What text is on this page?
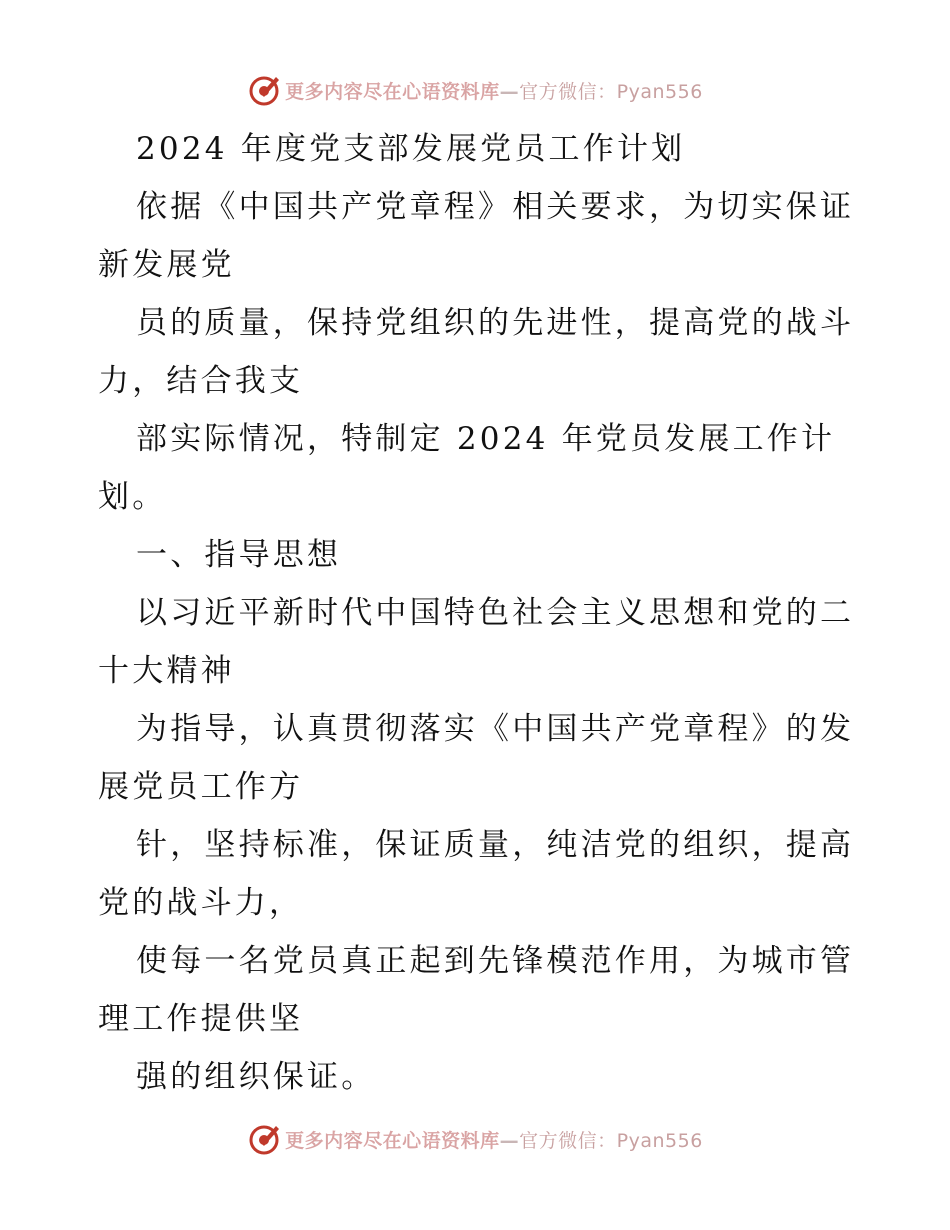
更多内容尽在心语资料库—官方微信：Pyan556
2024 年度党支部发展党员工作计划
依据《中国共产党章程》相关要求，为切实保证
新发展党
员的质量，保持党组织的先进性，提高党的战斗
力，结合我支
部实际情况，特制定 2024 年党员发展工作计
划。
一、指导思想
以习近平新时代中国特色社会主义思想和党的二
十大精神
为指导，认真贯彻落实《中国共产党章程》的发
展党员工作方
针，坚持标准，保证质量，纯洁党的组织，提高
党的战斗力，
使每一名党员真正起到先锋模范作用，为城市管
理工作提供坚
强的组织保证。
更多内容尽在心语资料库—官方微信：Pyan556
